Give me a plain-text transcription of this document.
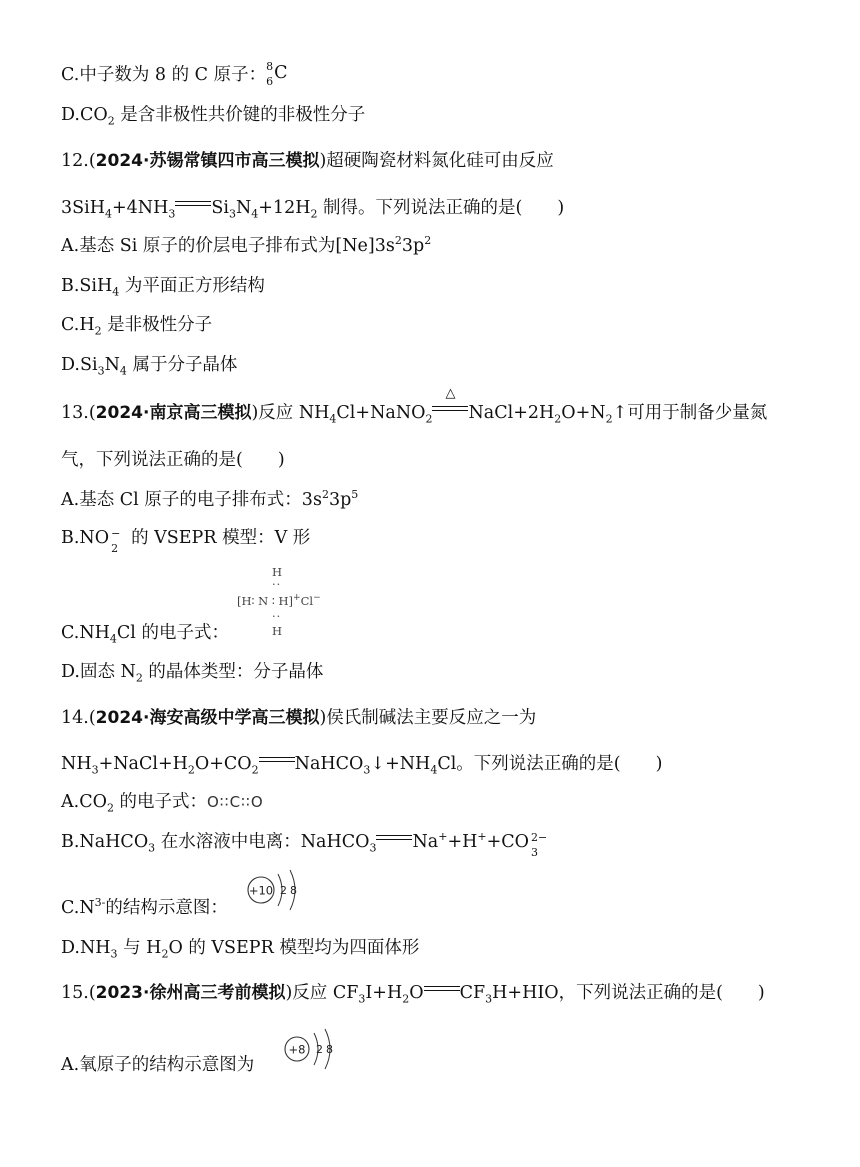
C.中子数为 8 的 C 原子： 8
6 C
$D.CO_2$ 是含非极性共价键的非极性分子
12.(2024·苏锡常镇四市高三模拟)超硬陶瓷材料氮化硅可由反应
$3SiH_4+4NH_3$ $Si_3N_4+12H_2$ 制得。下列说法正确的是(　　)
A.基态 Si 原子的价层电子排布式为$[Ne]3s^23p^2$
B.SiH$_4$ 为平面正方形结构
$C.H_2$ 是非极性分子
$D.Si_3N_4$ 属于分子晶体
13.(2024·南京高三模拟)反应 $NH_4Cl+NaNO_2$
△
$NaCl+2H_2O+N_2↑$可用于制备少量氮
气，下列说法正确的是(　　)
A.基态 Cl 原子的电子排布式：$3s^23p^5$
B.NO −
2
的 VSEPR 模型：V 形
H
··
[H∶ N ∶ H]+Cl−
··
H
$C.NH_4Cl$ 的电子式：
D.固态 $N_2$ 的晶体类型：分子晶体
14.(2024·海安高级中学高三模拟)侯氏制碱法主要反应之一为
$NH_3+NaCl+H_2O+CO_2$ $NaHCO_3↓+NH_4Cl$。下列说法正确的是(　　)
$A.CO_2$ 的电子式：O∶∶C∶∶O
B.NaHCO$_3$ 在水溶液中电离：NaHCO$_3$ Na++H++CO 2−
3
+10 2 8
$C.N^{3-}$的结构示意图：
$D.NH_3$ 与 $H_2O$ 的 VSEPR 模型均为四面体形
15.(2023·徐州高三考前模拟)反应 $CF_3I+H_2O$ $CF_3H+HIO$，下列说法正确的是(　　)
+8 2 8
A.氧原子的结构示意图为
